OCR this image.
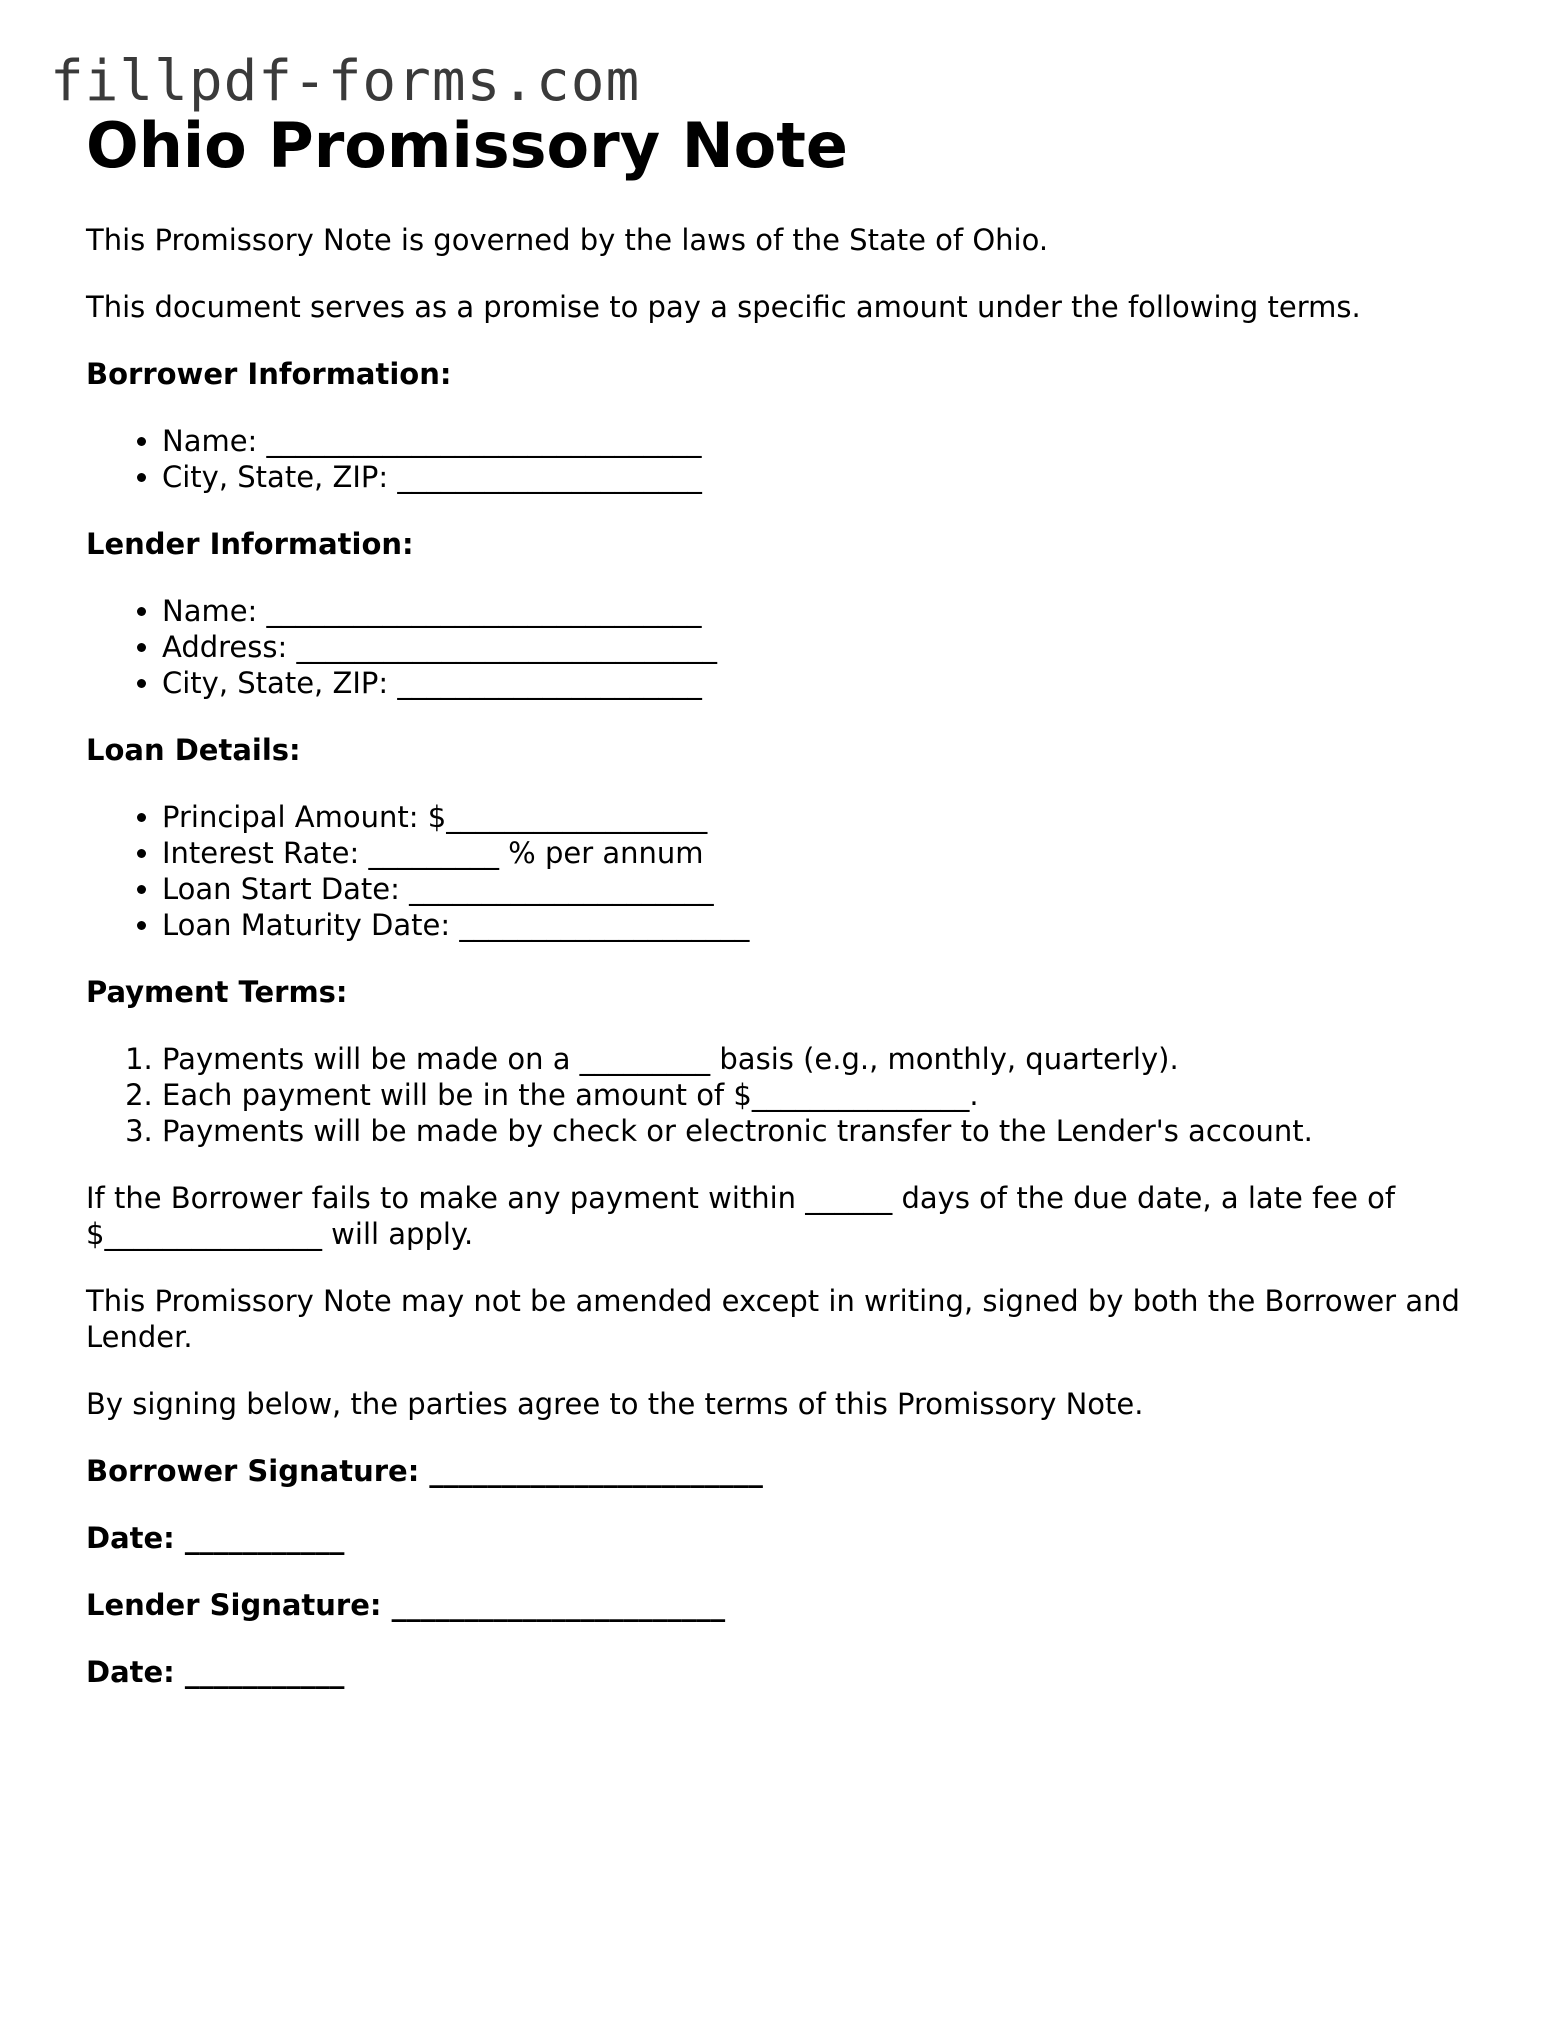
fillpdf-forms.com
Ohio Promissory Note

This Promissory Note is governed by the laws of the State of Ohio.

This document serves as a promise to pay a specific amount under the following terms.

Borrower Information:

• Name: ______________________________
• City, State, ZIP: _____________________

Lender Information:

• Name: ______________________________
• Address: _____________________________
• City, State, ZIP: _____________________

Loan Details:

• Principal Amount: $__________________
• Interest Rate: _________ % per annum
• Loan Start Date: _____________________
• Loan Maturity Date: ____________________

Payment Terms:

1. Payments will be made on a _________ basis (e.g., monthly, quarterly).
2. Each payment will be in the amount of $_______________.
3. Payments will be made by check or electronic transfer to the Lender's account.

If the Borrower fails to make any payment within ______ days of the due date, a late fee of $_______________ will apply.

This Promissory Note may not be amended except in writing, signed by both the Borrower and Lender.

By signing below, the parties agree to the terms of this Promissory Note.

Borrower Signature: _______________________

Date: ___________

Lender Signature: _______________________

Date: ___________
